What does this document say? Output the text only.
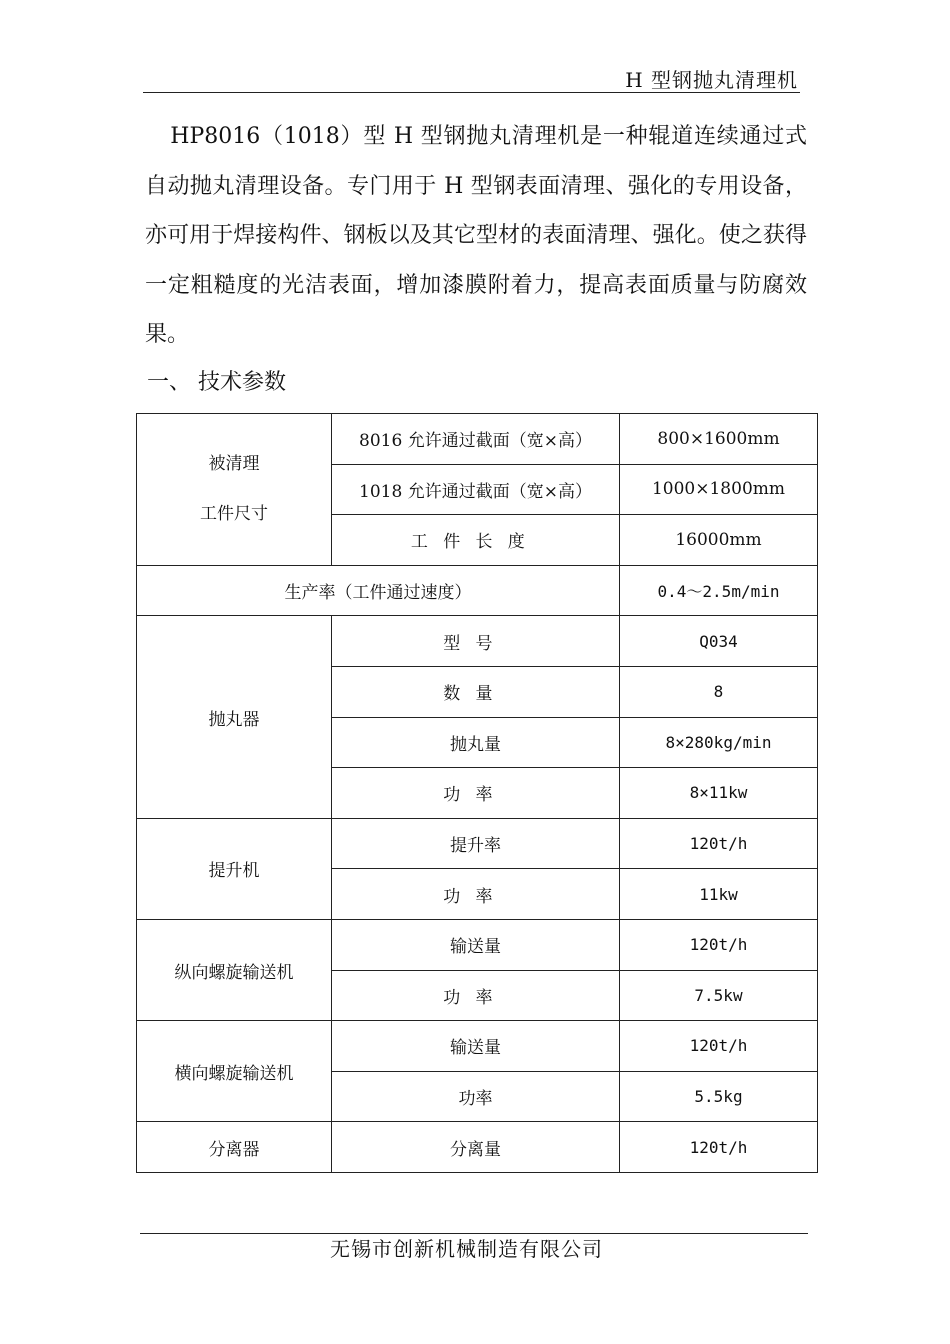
H 型钢抛丸清理机

HP8016（1018）型 H 型钢抛丸清理机是一种辊道连续通过式自动抛丸清理设备。专门用于 H 型钢表面清理、强化的专用设备，亦可用于焊接构件、钢板以及其它型材的表面清理、强化。使之获得一定粗糙度的光洁表面，增加漆膜附着力，提高表面质量与防腐效果。

一、 技术参数
被清理
工件尺寸	8016 允许通过截面（宽×高）	800×1600mm
	1018 允许通过截面（宽×高）	1000×1800mm
	工件长度	16000mm
生产率（工件通过速度）		0.4～2.5m/min
抛丸器	型号	Q034
	数量	8
	抛丸量	8×280kg/min
	功率	8×11kw
提升机	提升率	120t/h
	功率	11kw
纵向螺旋输送机	输送量	120t/h
	功率	7.5kw
横向螺旋输送机	输送量	120t/h
	功率	5.5kg
分离器	分离量	120t/h
无锡市创新机械制造有限公司
